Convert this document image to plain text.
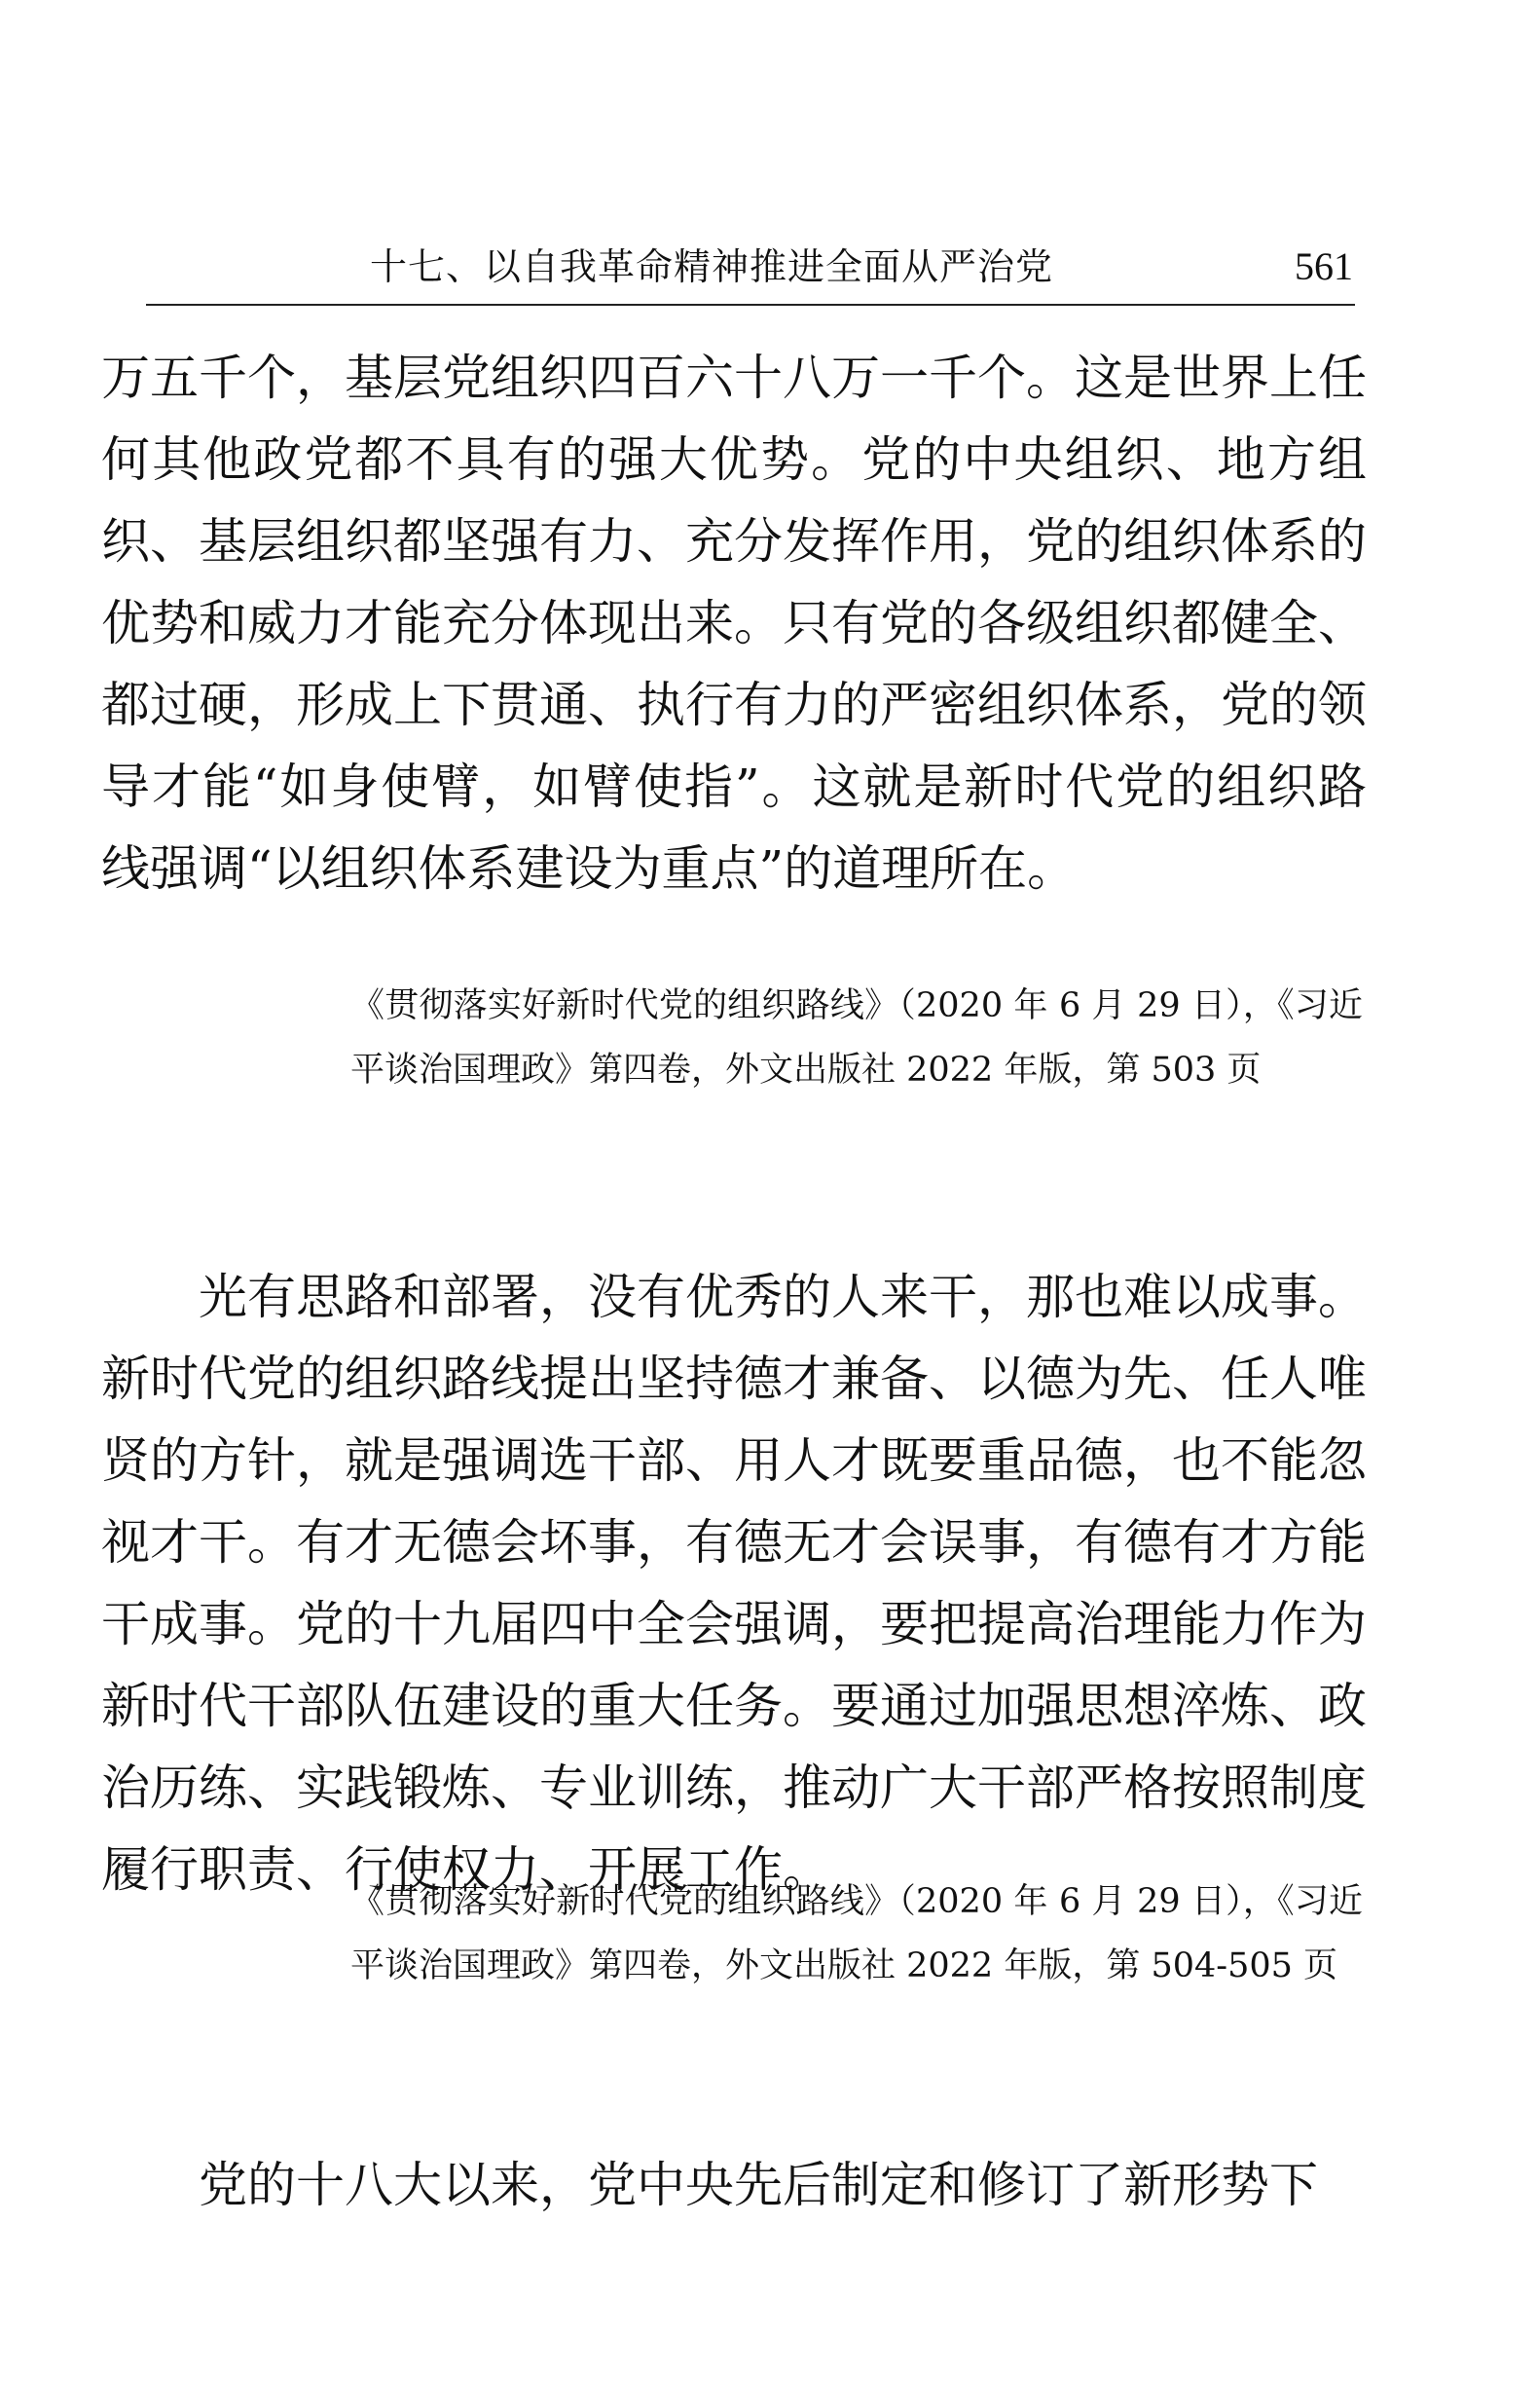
十七、以自我革命精神推进全面从严治党	561

万五千个，基层党组织四百六十八万一千个。这是世界上任何其他政党都不具有的强大优势。党的中央组织、地方组织、基层组织都坚强有力、充分发挥作用，党的组织体系的优势和威力才能充分体现出来。只有党的各级组织都健全、都过硬，形成上下贯通、执行有力的严密组织体系，党的领导才能“如身使臂，如臂使指”。这就是新时代党的组织路线强调“以组织体系建设为重点”的道理所在。

《贯彻落实好新时代党的组织路线》（2020 年 6 月 29 日），《习近平谈治国理政》第四卷，外文出版社 2022 年版，第 503 页

光有思路和部署，没有优秀的人来干，那也难以成事。新时代党的组织路线提出坚持德才兼备、以德为先、任人唯贤的方针，就是强调选干部、用人才既要重品德，也不能忽视才干。有才无德会坏事，有德无才会误事，有德有才方能干成事。党的十九届四中全会强调，要把提高治理能力作为新时代干部队伍建设的重大任务。要通过加强思想淬炼、政治历练、实践锻炼、专业训练，推动广大干部严格按照制度履行职责、行使权力、开展工作。

《贯彻落实好新时代党的组织路线》（2020 年 6 月 29 日），《习近平谈治国理政》第四卷，外文出版社 2022 年版，第 504-505 页

党的十八大以来，党中央先后制定和修订了新形势下
